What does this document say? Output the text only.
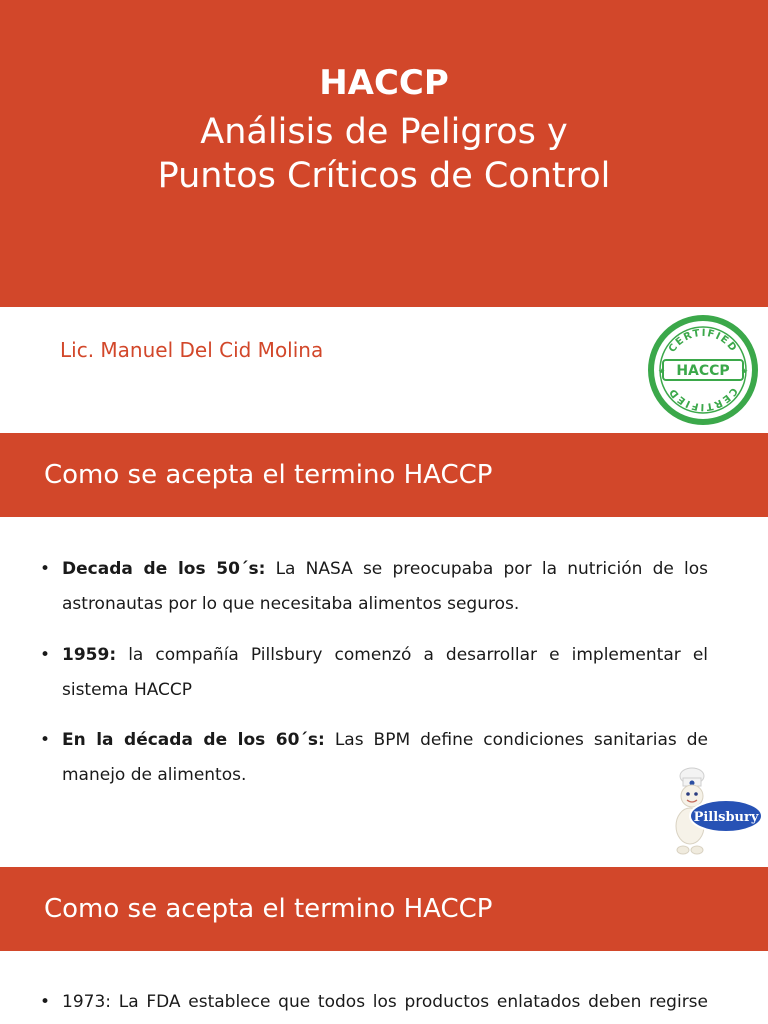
HACCP
Análisis de Peligros y
Puntos Críticos de Control
Lic. Manuel Del Cid Molina	CERTIFIED
CERTIFIED
HACCP
★	★
Como se acepta el termino HACCP
• Decada de los 50´s: La NASA se preocupaba por la nutrición de los astronautas por lo que necesitaba alimentos seguros.
• 1959: la compañía Pillsbury comenzó a desarrollar e implementar el sistema HACCP
• En la década de los 60´s: Las BPM define condiciones sanitarias de manejo de alimentos.
Pillsbury
Como se acepta el termino HACCP
• 1973: La FDA establece que todos los productos enlatados deben regirse
